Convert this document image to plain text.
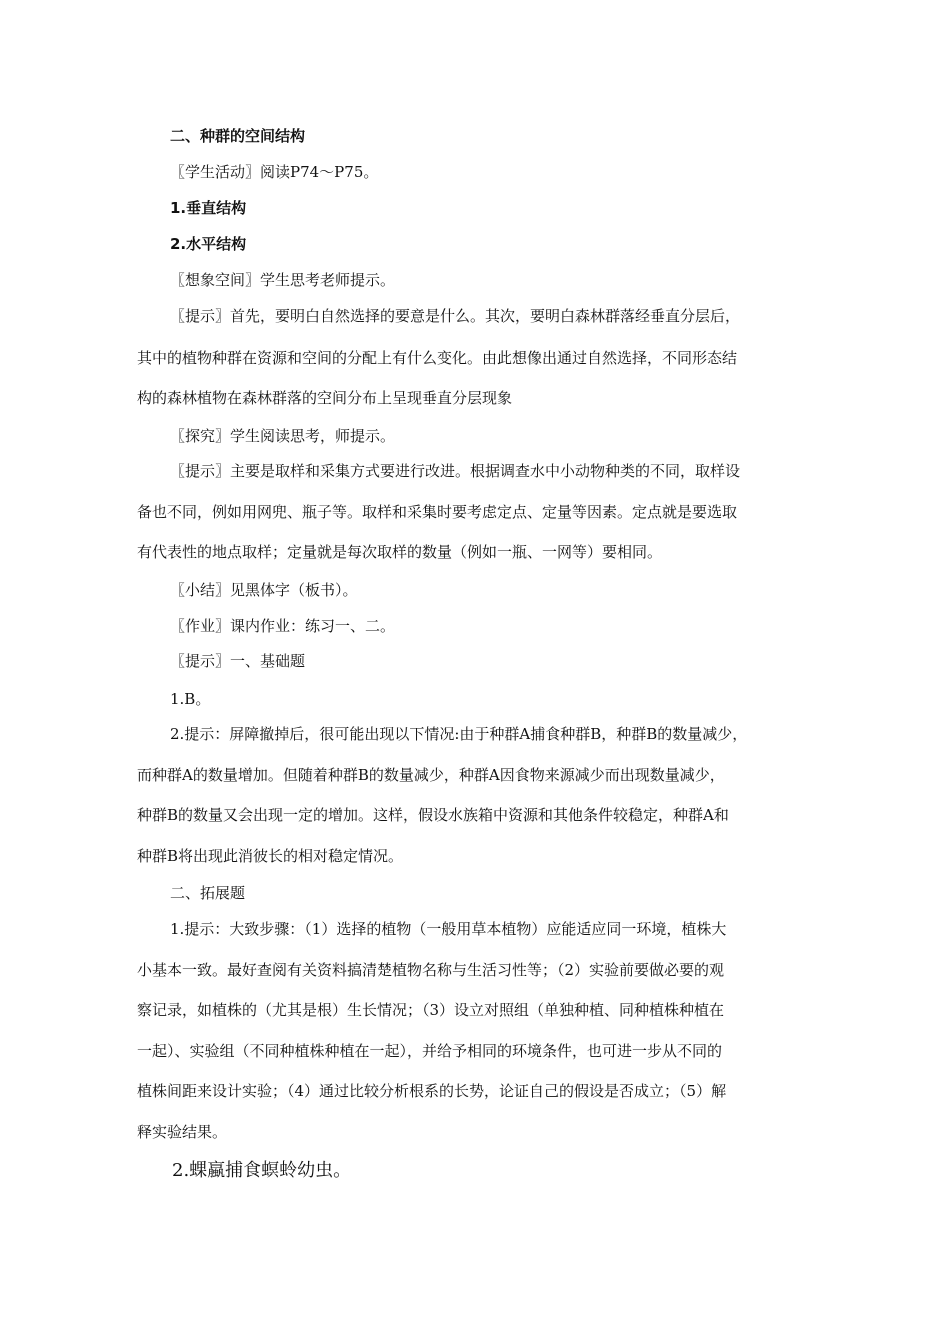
二、种群的空间结构
〖学生活动〗阅读P74～P75。
1.垂直结构
2.水平结构
〖想象空间〗学生思考老师提示。
〖提示〗首先，要明白自然选择的要意是什么。其次，要明白森林群落经垂直分层后，
其中的植物种群在资源和空间的分配上有什么变化。由此想像出通过自然选择，不同形态结
构的森林植物在森林群落的空间分布上呈现垂直分层现象
〖探究〗学生阅读思考，师提示。
〖提示〗主要是取样和采集方式要进行改进。根据调查水中小动物种类的不同，取样设
备也不同，例如用网兜、瓶子等。取样和采集时要考虑定点、定量等因素。定点就是要选取
有代表性的地点取样；定量就是每次取样的数量（例如一瓶、一网等）要相同。
〖小结〗见黑体字（板书）。
〖作业〗课内作业：练习一、二。
〖提示〗一、基础题
1.B。
2.提示：屏障撤掉后，很可能出现以下情况:由于种群A捕食种群B，种群B的数量减少，
而种群A的数量增加。但随着种群B的数量减少，种群A因食物来源减少而出现数量减少，
种群B的数量又会出现一定的增加。这样，假设水族箱中资源和其他条件较稳定，种群A和
种群B将出现此消彼长的相对稳定情况。
二、拓展题
1.提示：大致步骤：（1）选择的植物（一般用草本植物）应能适应同一环境，植株大
小基本一致。最好查阅有关资料搞清楚植物名称与生活习性等；（2）实验前要做必要的观
察记录，如植株的（尤其是根）生长情况；（3）设立对照组（单独种植、同种植株种植在
一起）、实验组（不同种植株种植在一起），并给予相同的环境条件，也可进一步从不同的
植株间距来设计实验；（4）通过比较分析根系的长势，论证自己的假设是否成立；（5）解
释实验结果。
2.蜾蠃捕食螟蛉幼虫。
